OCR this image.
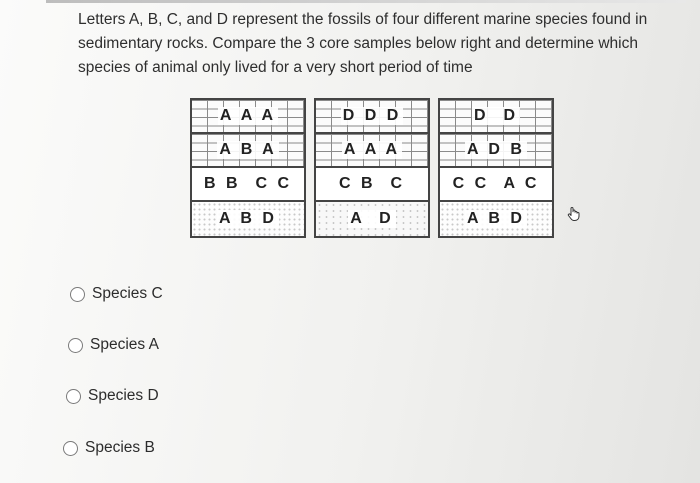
Letters A, B, C, and D represent the fossils of four different marine species found in sedimentary rocks. Compare the 3 core samples below right and determine which species of animal only lived for a very short period of time
A A A
A B A
B B  C C
A B D
D D D
A A A
C B  C
A  D
D  D
A D B
C C  A C
A B D
Species C
Species A
Species D
Species B
